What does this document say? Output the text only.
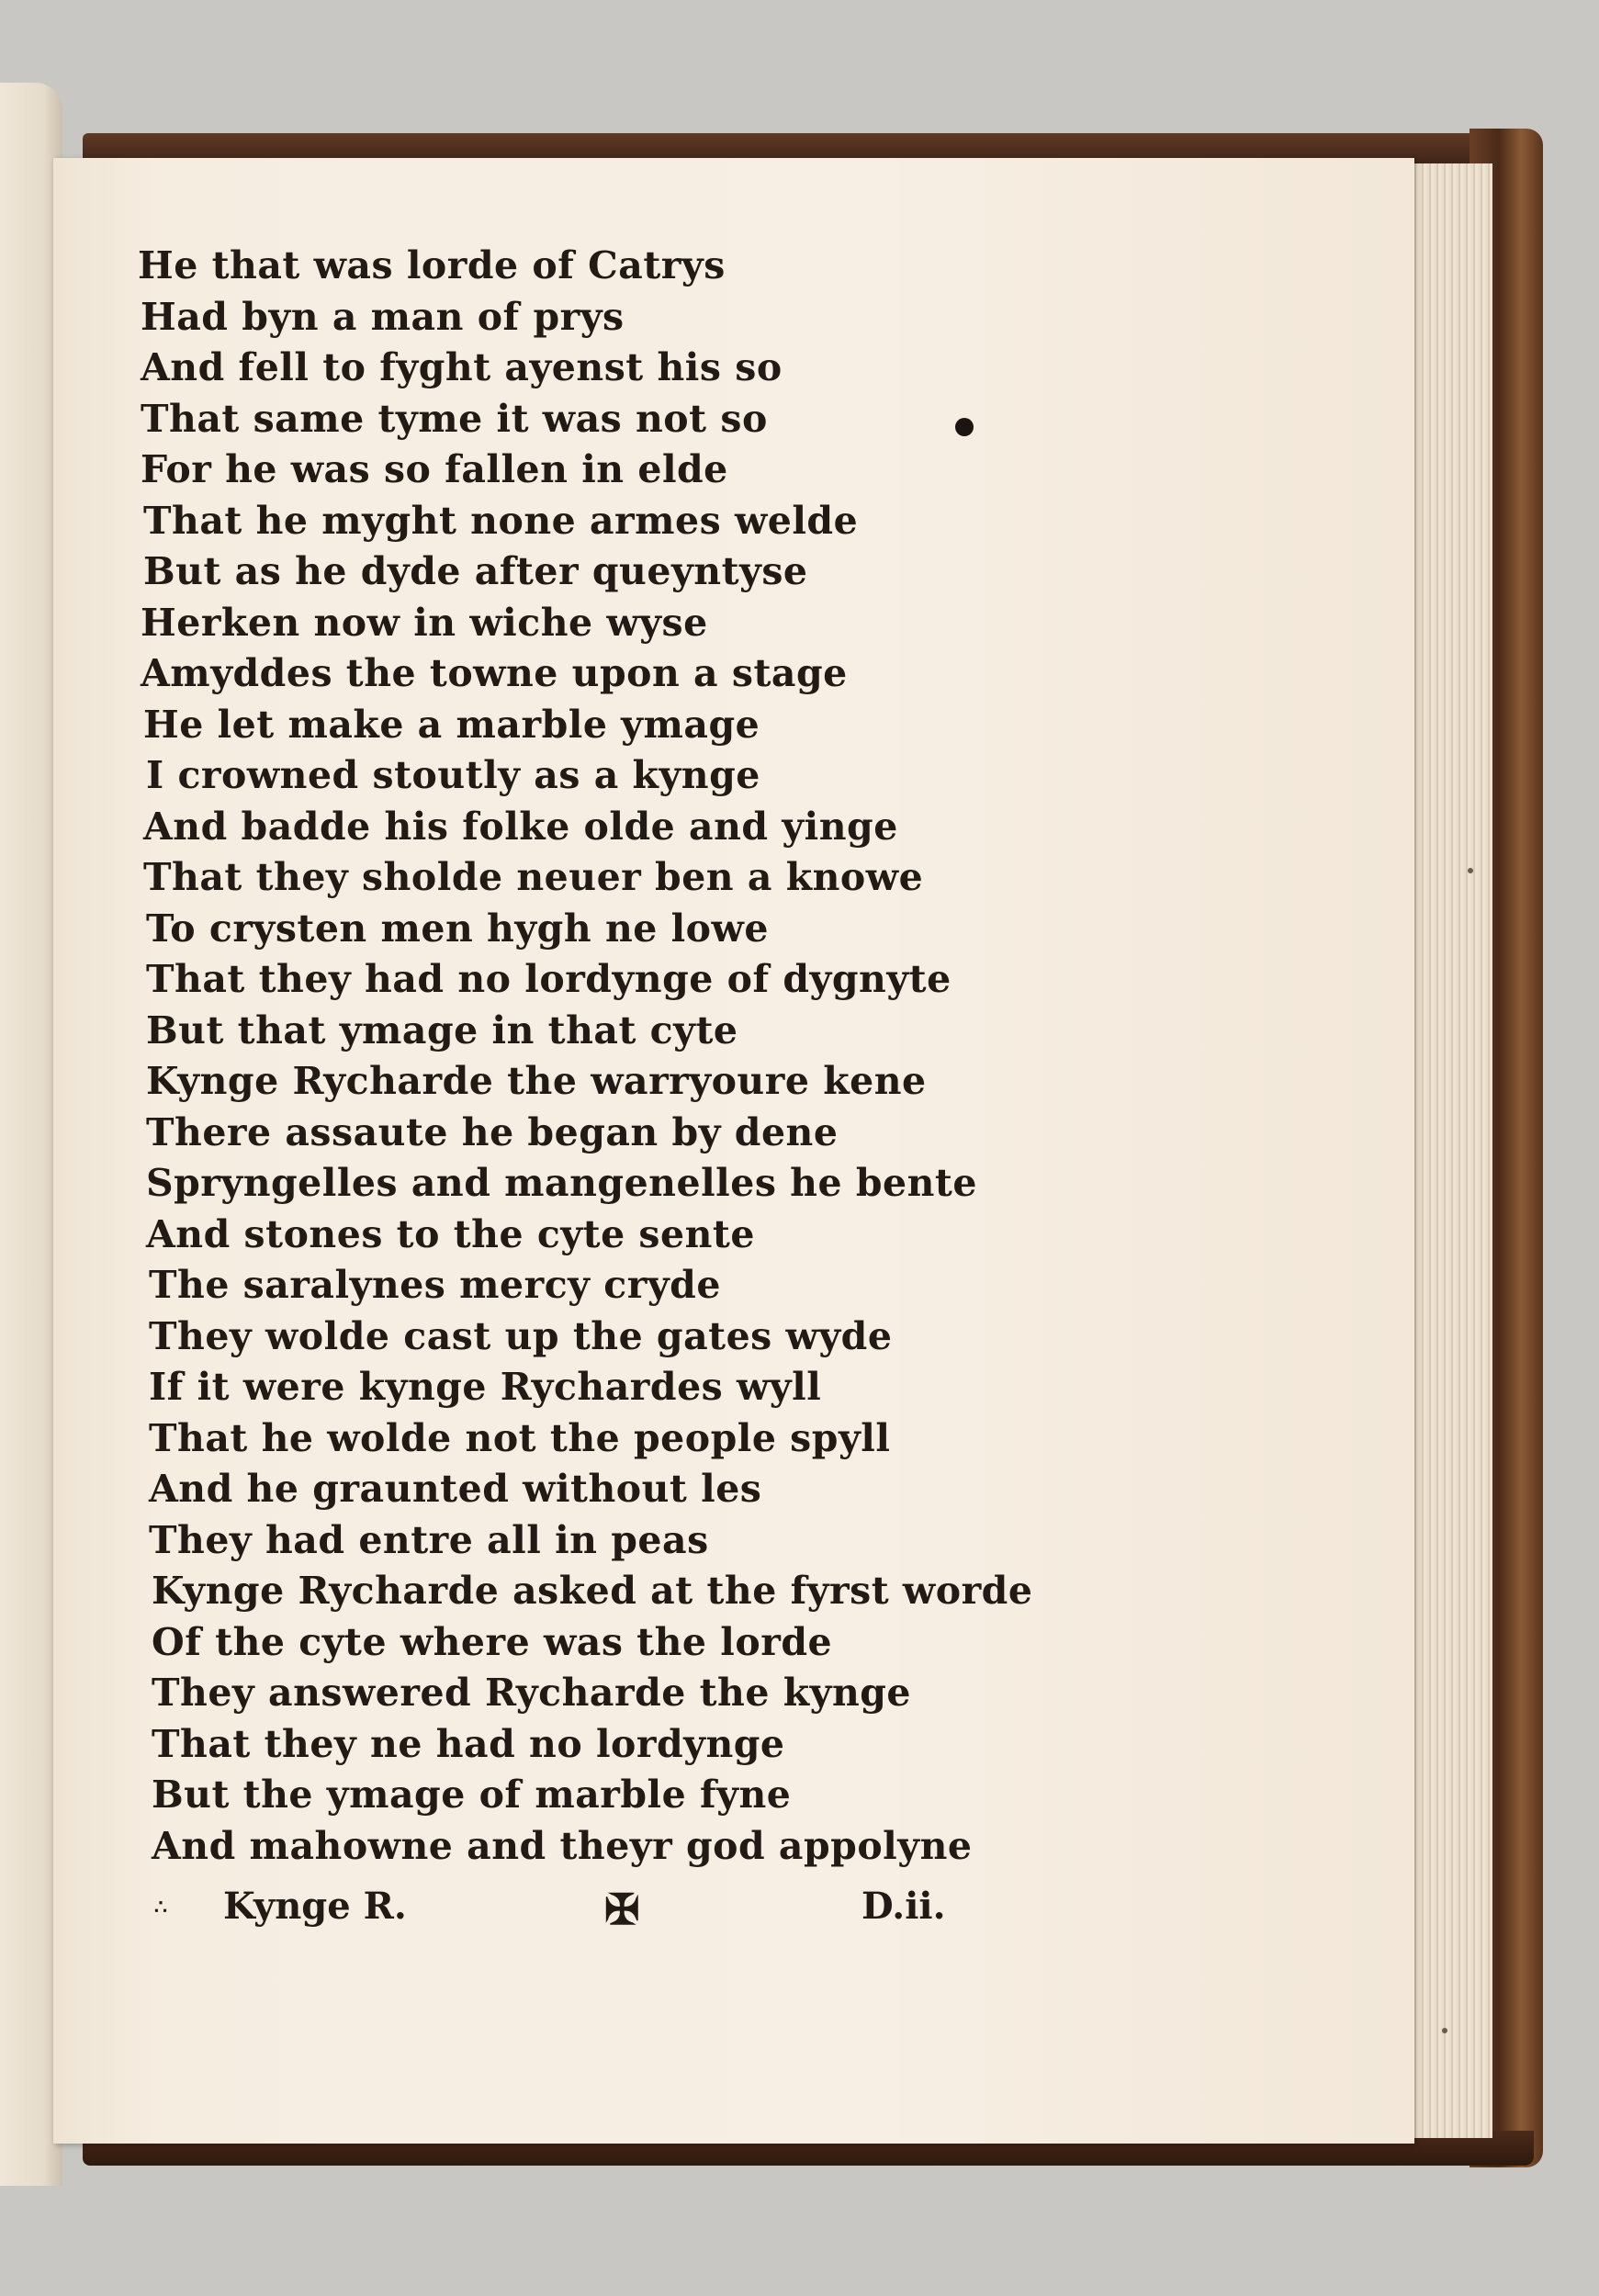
He that was lorde of Catrys
Had byn a man of prys
And fell to fyght ayenst his so
That same tyme it was not so
For he was so fallen in elde
That he myght none armes welde
But as he dyde after queyntyse
Herken now in wiche wyse
Amyddes the towne upon a stage
He let make a marble ymage
I crowned stoutly as a kynge
And badde his folke olde and yinge
That they sholde neuer ben a knowe
To crysten men hygh ne lowe
That they had no lordynge of dygnyte
But that ymage in that cyte
Kynge Rycharde the warryoure kene
There assaute he began by dene
Spryngelles and mangenelles he bente
And stones to the cyte sente
The saralynes mercy cryde
They wolde cast up the gates wyde
If it were kynge Rychardes wyll
That he wolde not the people spyll
And he graunted without les
They had entre all in peas
Kynge Rycharde asked at the fyrst worde
Of the cyte where was the lorde
They answered Rycharde the kynge
That they ne had no lordynge
But the ymage of marble fyne
And mahowne and theyr god appolyne
∴ Kynge R.	✠	D.ii.
